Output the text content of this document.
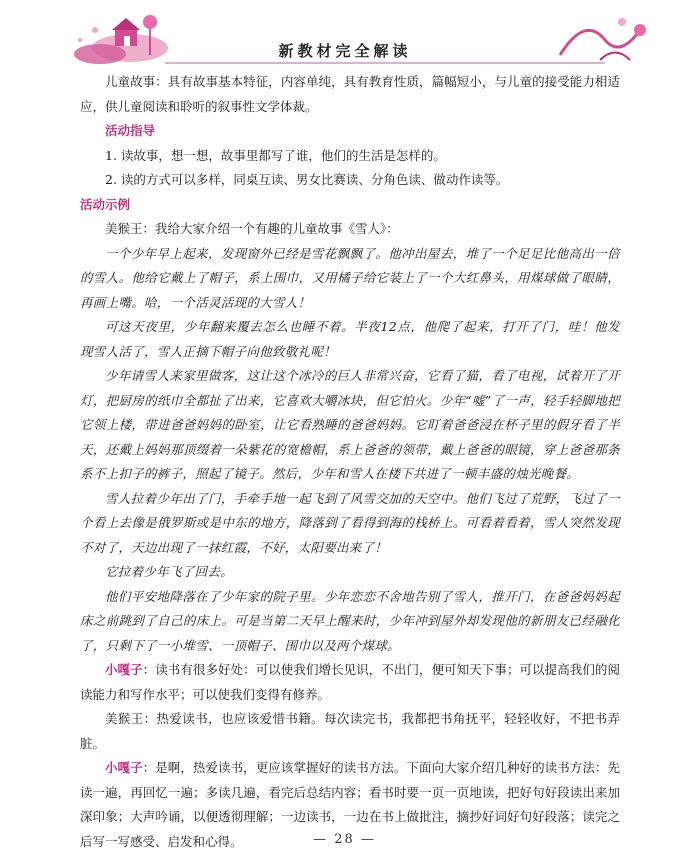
新教材完全解读

儿童故事：具有故事基本特征，内容单纯，具有教育性质，篇幅短小，与儿童的接受能力相适应，供儿童阅读和聆听的叙事性文学体裁。

活动指导

1. 读故事，想一想，故事里都写了谁，他们的生活是怎样的。

2. 读的方式可以多样，同桌互读、男女比赛读、分角色读、做动作读等。

活动示例

美猴王：我给大家介绍一个有趣的儿童故事《雪人》：

一个少年早上起来，发现窗外已经是雪花飘飘了。他冲出屋去，堆了一个足足比他高出一倍的雪人。他给它戴上了帽子，系上围巾，又用橘子给它装上了一个大红鼻头，用煤球做了眼睛，再画上嘴。哈，一个活灵活现的大雪人！

可这天夜里，少年翻来覆去怎么也睡不着。半夜12点，他爬了起来，打开了门，哇！他发现雪人活了，雪人正摘下帽子向他致敬礼呢！

少年请雪人来家里做客，这让这个冰冷的巨人非常兴奋，它看了猫，看了电视，试着开了开灯，把厨房的纸巾全都扯了出来，它喜欢大嚼冰块，但它怕火。少年“嘘”了一声，轻手轻脚地把它领上楼，带进爸爸妈妈的卧室，让它看熟睡的爸爸妈妈。它盯着爸爸浸在杯子里的假牙看了半天，还戴上妈妈那顶缀着一朵紫花的宽檐帽，系上爸爸的领带，戴上爸爸的眼镜，穿上爸爸那条系不上扣子的裤子，照起了镜子。然后，少年和雪人在楼下共进了一顿丰盛的烛光晚餐。

雪人拉着少年出了门，手牵手地一起飞到了风雪交加的天空中。他们飞过了荒野，飞过了一个看上去像是俄罗斯或是中东的地方，降落到了看得到海的栈桥上。可看着看着，雪人突然发现不对了，天边出现了一抹红霞，不好，太阳要出来了！

它拉着少年飞了回去。

他们平安地降落在了少年家的院子里。少年恋恋不舍地告别了雪人，推开门，在爸爸妈妈起床之前跳到了自己的床上。可是当第二天早上醒来时，少年冲到屋外却发现他的新朋友已经融化了，只剩下了一小堆雪、一顶帽子、围巾以及两个煤球。

小嘎子：读书有很多好处：可以使我们增长见识，不出门，便可知天下事；可以提高我们的阅读能力和写作水平；可以使我们变得有修养。

美猴王：热爱读书，也应该爱惜书籍。每次读完书，我都把书角抚平，轻轻收好，不把书弄脏。

小嘎子：是啊，热爱读书，更应该掌握好的读书方法。下面向大家介绍几种好的读书方法：先读一遍，再回忆一遍；多读几遍，看完后总结内容；看书时要一页一页地读，把好句好段读出来加深印象；大声吟诵，以便透彻理解；一边读书，一边在书上做批注，摘抄好词好句好段落；读完之后写一写感受、启发和心得。	— 28 —
